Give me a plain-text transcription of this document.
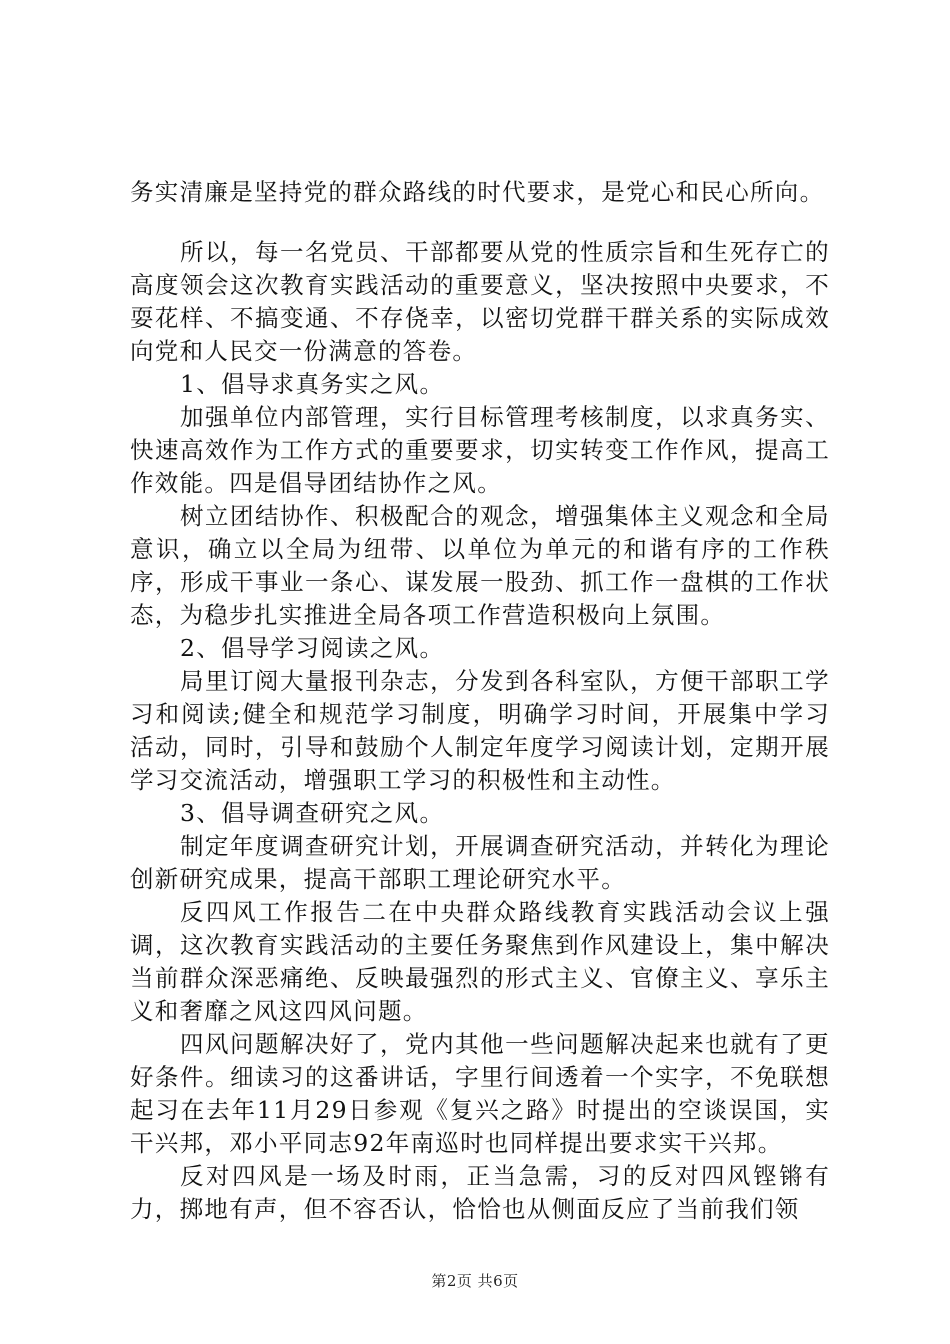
务实清廉是坚持党的群众路线的时代要求，是党心和民心所向。

所以，每一名党员、干部都要从党的性质宗旨和生死存亡的高度领会这次教育实践活动的重要意义，坚决按照中央要求，不耍花样、不搞变通、不存侥幸，以密切党群干群关系的实际成效向党和人民交一份满意的答卷。

1、倡导求真务实之风。

加强单位内部管理，实行目标管理考核制度，以求真务实、快速高效作为工作方式的重要要求，切实转变工作作风，提高工作效能。四是倡导团结协作之风。

树立团结协作、积极配合的观念，增强集体主义观念和全局意识，确立以全局为纽带、以单位为单元的和谐有序的工作秩序，形成干事业一条心、谋发展一股劲、抓工作一盘棋的工作状态，为稳步扎实推进全局各项工作营造积极向上氛围。

2、倡导学习阅读之风。

局里订阅大量报刊杂志，分发到各科室队，方便干部职工学习和阅读;健全和规范学习制度，明确学习时间，开展集中学习活动，同时，引导和鼓励个人制定年度学习阅读计划，定期开展学习交流活动，增强职工学习的积极性和主动性。

3、倡导调查研究之风。

制定年度调查研究计划，开展调查研究活动，并转化为理论创新研究成果，提高干部职工理论研究水平。

反四风工作报告二在中央群众路线教育实践活动会议上强调，这次教育实践活动的主要任务聚焦到作风建设上，集中解决当前群众深恶痛绝、反映最强烈的形式主义、官僚主义、享乐主义和奢靡之风这四风问题。

四风问题解决好了，党内其他一些问题解决起来也就有了更好条件。细读习的这番讲话，字里行间透着一个实字，不免联想起习在去年11月29日参观《复兴之路》时提出的空谈误国，实干兴邦，邓小平同志92年南巡时也同样提出要求实干兴邦。

反对四风是一场及时雨，正当急需，习的反对四风铿锵有力，掷地有声，但不容否认，恰恰也从侧面反应了当前我们领

第2页 共6页
